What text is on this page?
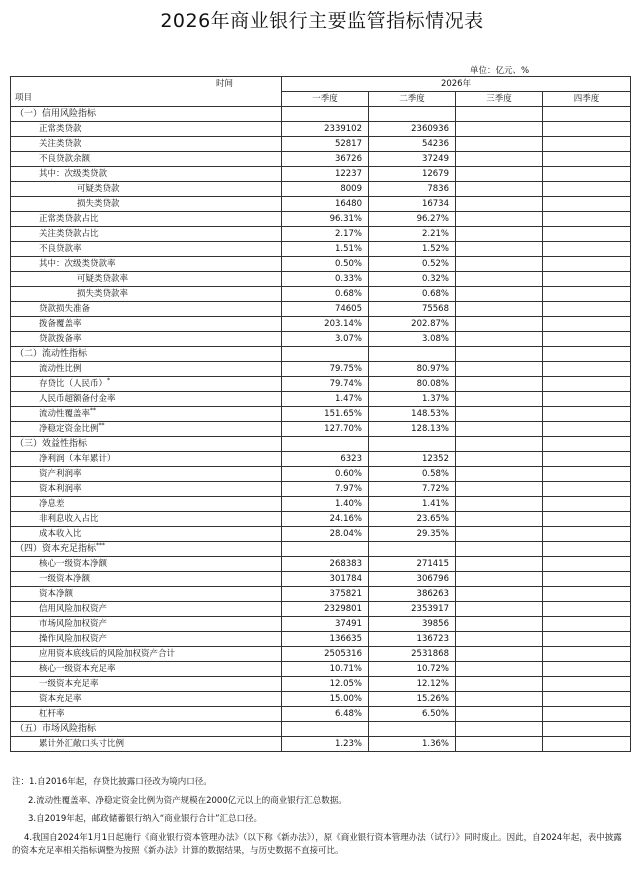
2026年商业银行主要监管指标情况表
单位：亿元、%
时间	2026年			
项目	一季度	二季度	三季度	四季度
（一）信用风险指标				
正常类贷款	2339102	2360936		
关注类贷款	52817	54236		
不良贷款余额	36726	37249		
其中：次级类贷款	12237	12679		
可疑类贷款	8009	7836		
损失类贷款	16480	16734		
正常类贷款占比	96.31%	96.27%		
关注类贷款占比	2.17%	2.21%		
不良贷款率	1.51%	1.52%		
其中：次级类贷款率	0.50%	0.52%		
可疑类贷款率	0.33%	0.32%		
损失类贷款率	0.68%	0.68%		
贷款损失准备	74605	75568		
拨备覆盖率	203.14%	202.87%		
贷款拨备率	3.07%	3.08%		
（二）流动性指标				
流动性比例	79.75%	80.97%		
存贷比（人民币）*	79.74%	80.08%		
人民币超额备付金率	1.47%	1.37%		
流动性覆盖率**	151.65%	148.53%		
净稳定资金比例**	127.70%	128.13%		
（三）效益性指标				
净利润（本年累计）	6323	12352		
资产利润率	0.60%	0.58%		
资本利润率	7.97%	7.72%		
净息差	1.40%	1.41%		
非利息收入占比	24.16%	23.65%		
成本收入比	28.04%	29.35%		
（四）资本充足指标***				
核心一级资本净额	268383	271415		
一级资本净额	301784	306796		
资本净额	375821	386263		
信用风险加权资产	2329801	2353917		
市场风险加权资产	37491	39856		
操作风险加权资产	136635	136723		
应用资本底线后的风险加权资产合计	2505316	2531868		
核心一级资本充足率	10.71%	10.72%		
一级资本充足率	12.05%	12.12%		
资本充足率	15.00%	15.26%		
杠杆率	6.48%	6.50%		
（五）市场风险指标				
累计外汇敞口头寸比例	1.23%	1.36%		
注：1.自2016年起，存贷比披露口径改为境内口径。
2.流动性覆盖率、净稳定资金比例为资产规模在2000亿元以上的商业银行汇总数据。
3.自2019年起，邮政储蓄银行纳入“商业银行合计”汇总口径。
4.我国自2024年1月1日起施行《商业银行资本管理办法》（以下称《新办法》），原《商业银行资本管理办法（试行）》同时废止。因此，自2024年起，表中披露的资本充足率相关指标调整为按照《新办法》计算的数据结果，与历史数据不直接可比。
